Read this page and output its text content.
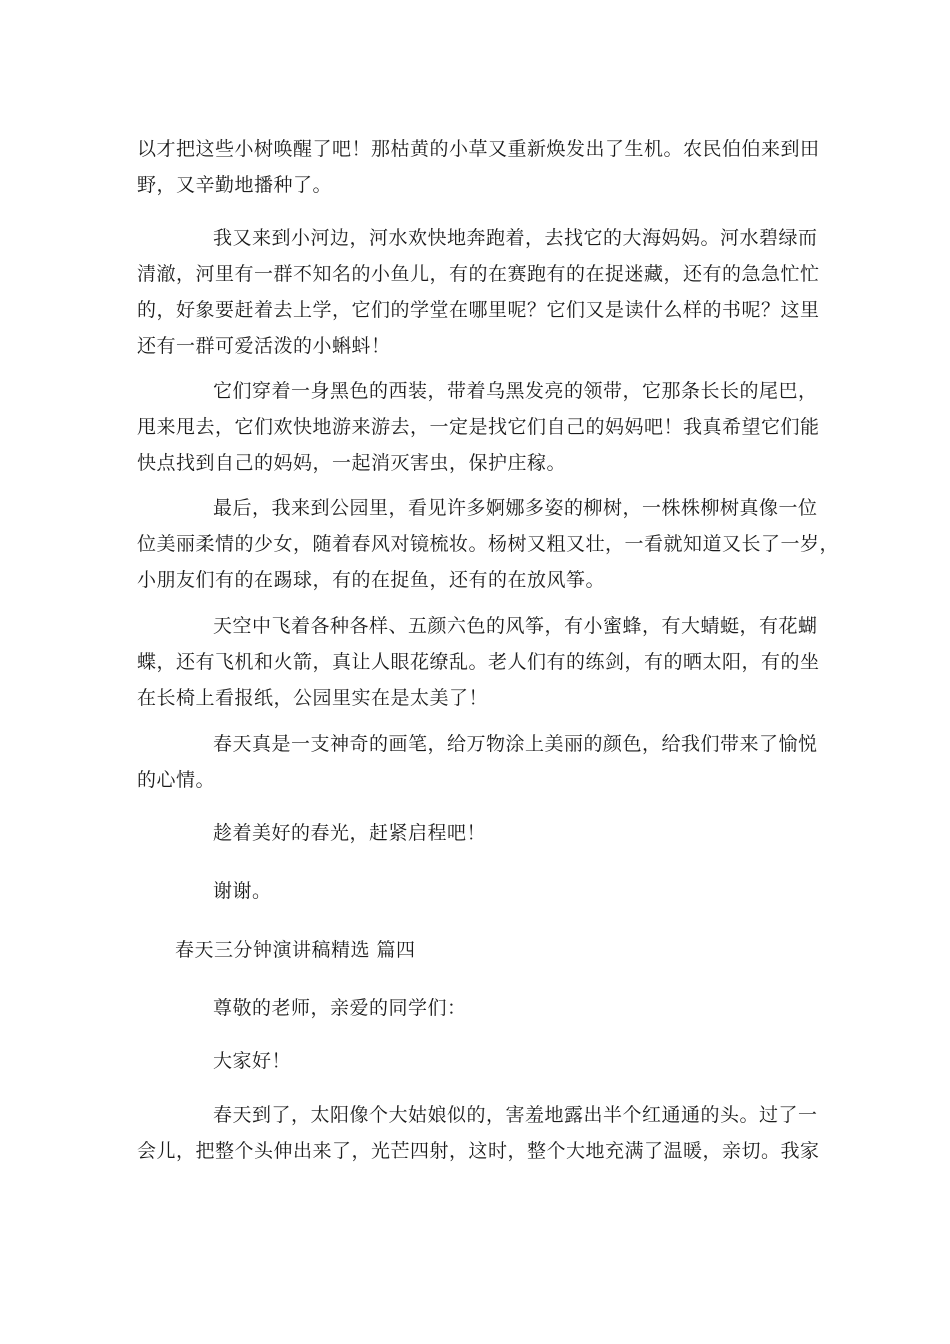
以才把这些小树唤醒了吧！那枯黄的小草又重新焕发出了生机。农民伯伯来到田
野，又辛勤地播种了。

我又来到小河边，河水欢快地奔跑着，去找它的大海妈妈。河水碧绿而
清澈，河里有一群不知名的小鱼儿，有的在赛跑有的在捉迷藏，还有的急急忙忙
的，好象要赶着去上学，它们的学堂在哪里呢？它们又是读什么样的书呢？这里
还有一群可爱活泼的小蝌蚪！

它们穿着一身黑色的西装，带着乌黑发亮的领带，它那条长长的尾巴，
甩来甩去，它们欢快地游来游去，一定是找它们自己的妈妈吧！我真希望它们能
快点找到自己的妈妈，一起消灭害虫，保护庄稼。

最后，我来到公园里，看见许多婀娜多姿的柳树，一株株柳树真像一位
位美丽柔情的少女，随着春风对镜梳妆。杨树又粗又壮，一看就知道又长了一岁，
小朋友们有的在踢球，有的在捉鱼，还有的在放风筝。

天空中飞着各种各样、五颜六色的风筝，有小蜜蜂，有大蜻蜓，有花蝴
蝶，还有飞机和火箭，真让人眼花缭乱。老人们有的练剑，有的晒太阳，有的坐
在长椅上看报纸，公园里实在是太美了！

春天真是一支神奇的画笔，给万物涂上美丽的颜色，给我们带来了愉悦
的心情。

趁着美好的春光，赶紧启程吧！

谢谢。

春天三分钟演讲稿精选 篇四

尊敬的老师，亲爱的同学们：

大家好！

春天到了，太阳像个大姑娘似的，害羞地露出半个红通通的头。过了一
会儿，把整个头伸出来了，光芒四射，这时，整个大地充满了温暖，亲切。我家
